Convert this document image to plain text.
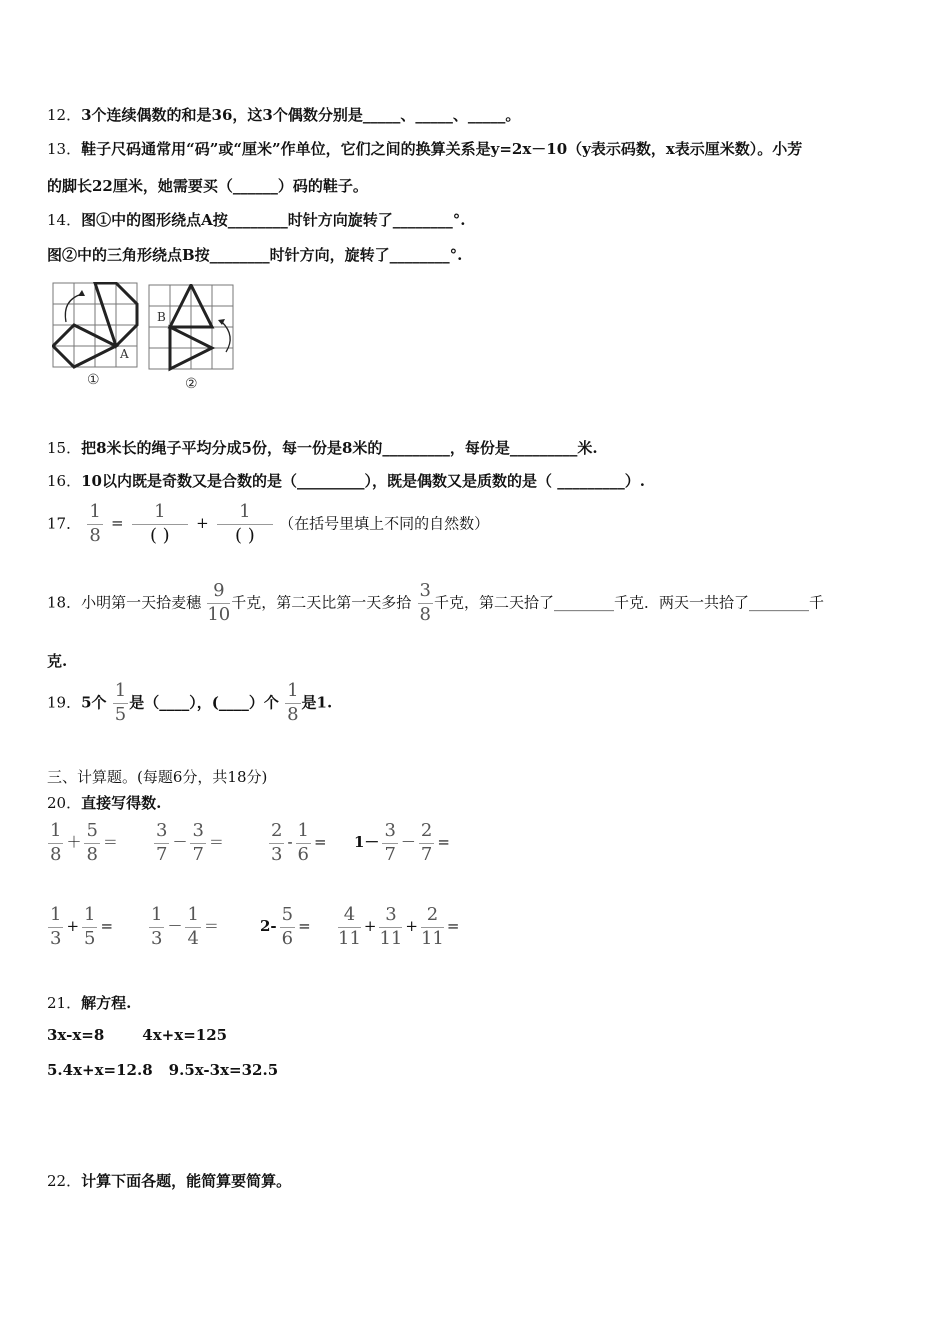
12．3个连续偶数的和是36，这3个偶数分别是_____、_____、_____。
13．鞋子尺码通常用“码”或“厘米”作单位，它们之间的换算关系是y=2x－10（y表示码数，x表示厘米数）。小芳
的脚长22厘米，她需要买（______）码的鞋子。
14．图①中的图形绕点A按________时针方向旋转了________°.
图②中的三角形绕点B按________时针方向，旋转了________°.
A
①
B
②
15．把8米长的绳子平均分成5份，每一份是8米的_________，每份是_________米.
16．10以内既是奇数又是合数的是（_________），既是偶数又是质数的是（ _________）.
17． $\frac{1}{8} = \frac{1}{( )} + \frac{1}{( )}$ （在括号里填上不同的自然数）
18．小明第一天拾麦穗 $\frac{9}{10}$ 千克，第二天比第一天多拾 $\frac{3}{8}$ 千克，第二天拾了________千克．两天一共拾了________千
克.
19．5个 $\frac{1}{5}$ 是（____），(____）个 $\frac{1}{8}$ 是1.
三、计算题。(每题6分，共18分)
20．直接写得数.
$\frac{1}{8} + \frac{5}{8} = \frac{3}{7} - \frac{3}{7}$ ＝	$\frac{2}{3} - \frac{1}{6} = 1- \frac{3}{7} - \frac{2}{7}$ =
$\frac{1}{3} + \frac{1}{5} = \frac{1}{3} - \frac{1}{4}$ ＝	$2- \frac{5}{6} = \frac{4}{11} + \frac{3}{11} + \frac{2}{11}$ =
21．解方程.
3x-x=8	4x+x=125
5.4x+x=12.8 9.5x-3x=32.5
22．计算下面各题，能简算要简算。
